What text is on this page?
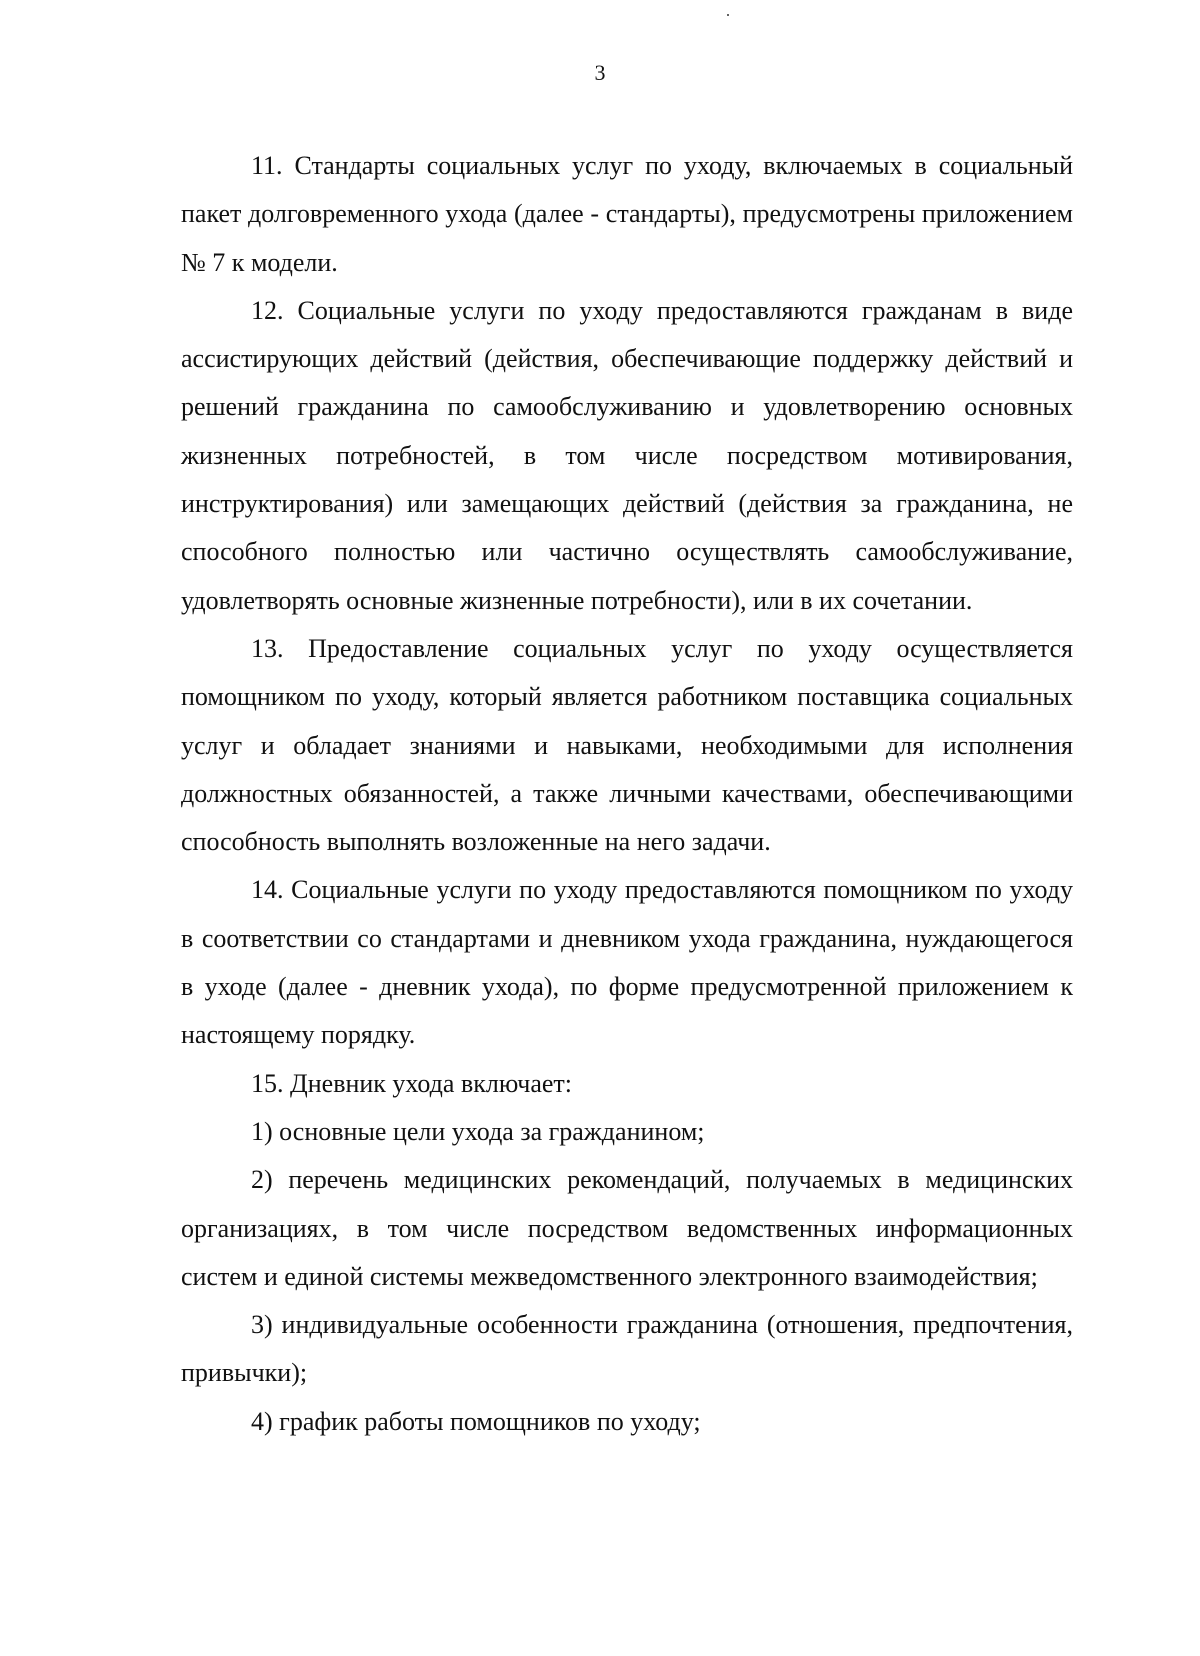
3

11. Стандарты социальных услуг по уходу, включаемых в социальный пакет долговременного ухода (далее - стандарты), предусмотрены приложением № 7 к модели.

12. Социальные услуги по уходу предоставляются гражданам в виде ассистирующих действий (действия, обеспечивающие поддержку действий и решений гражданина по самообслуживанию и удовлетворению основных жизненных потребностей, в том числе посредством мотивирования, инструктирования) или замещающих действий (действия за гражданина, не способного полностью или частично осуществлять самообслуживание, удовлетворять основные жизненные потребности), или в их сочетании.

13. Предоставление социальных услуг по уходу осуществляется помощником по уходу, который является работником поставщика социальных услуг и обладает знаниями и навыками, необходимыми для исполнения должностных обязанностей, а также личными качествами, обеспечивающими способность выполнять возложенные на него задачи.

14. Социальные услуги по уходу предоставляются помощником по уходу в соответствии со стандартами и дневником ухода гражданина, нуждающегося в уходе (далее - дневник ухода), по форме предусмотренной приложением к настоящему порядку.

15. Дневник ухода включает:

1) основные цели ухода за гражданином;

2) перечень медицинских рекомендаций, получаемых в медицинских организациях, в том числе посредством ведомственных информационных систем и единой системы межведомственного электронного взаимодействия;

3) индивидуальные особенности гражданина (отношения, предпочтения, привычки);

4) график работы помощников по уходу;
